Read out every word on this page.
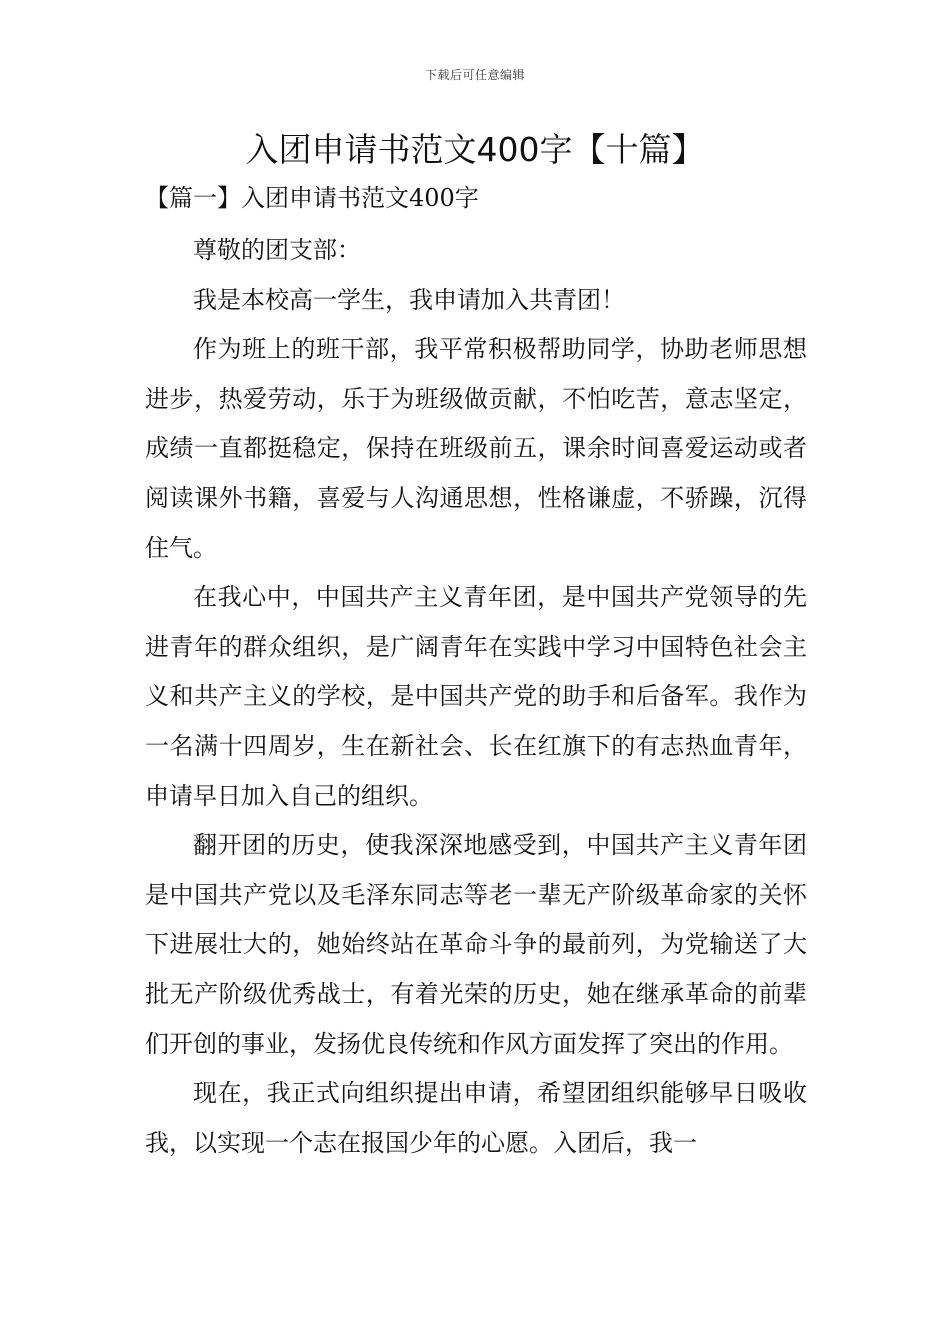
下载后可任意编辑
入团申请书范文400字【十篇】
【篇一】入团申请书范文400字

尊敬的团支部：

我是本校高一学生，我申请加入共青团！

作为班上的班干部，我平常积极帮助同学，协助老师思想进步，热爱劳动，乐于为班级做贡献，不怕吃苦，意志坚定，成绩一直都挺稳定，保持在班级前五，课余时间喜爱运动或者阅读课外书籍，喜爱与人沟通思想，性格谦虚，不骄躁，沉得住气。

在我心中，中国共产主义青年团，是中国共产党领导的先进青年的群众组织，是广阔青年在实践中学习中国特色社会主义和共产主义的学校，是中国共产党的助手和后备军。我作为一名满十四周岁，生在新社会、长在红旗下的有志热血青年，申请早日加入自己的组织。

翻开团的历史，使我深深地感受到，中国共产主义青年团是中国共产党以及毛泽东同志等老一辈无产阶级革命家的关怀下进展壮大的，她始终站在革命斗争的最前列，为党输送了大批无产阶级优秀战士，有着光荣的历史，她在继承革命的前辈们开创的事业，发扬优良传统和作风方面发挥了突出的作用。

现在，我正式向组织提出申请，希望团组织能够早日吸收我，以实现一个志在报国少年的心愿。入团后，我一
